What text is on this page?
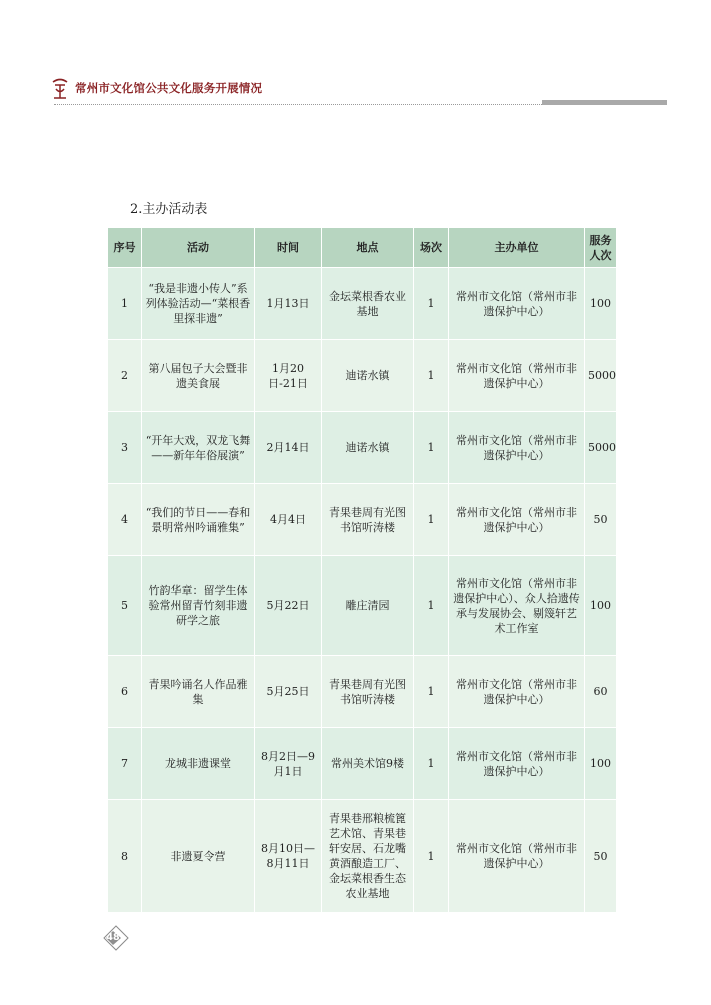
常州市文化馆公共文化服务开展情况
2.主办活动表
序号	活动	时间	地点	场次	主办单位	服务人次
1	“我是非遗小传人”系列体验活动—“菜根香里探非遗”	1月13日	金坛菜根香农业基地	1	常州市文化馆（常州市非遗保护中心）	100
2	第八届包子大会暨非遗美食展	1月20日-21日	迪诺水镇	1	常州市文化馆（常州市非遗保护中心）	5000
3	“开年大戏，双龙飞舞——新年年俗展演”	2月14日	迪诺水镇	1	常州市文化馆（常州市非遗保护中心）	5000
4	“我们的节日——春和景明常州吟诵雅集”	4月4日	青果巷周有光图书馆听涛楼	1	常州市文化馆（常州市非遗保护中心）	50
5	竹韵华章：留学生体验常州留青竹刻非遗研学之旅	5月22日	雕庄清园	1	常州市文化馆（常州市非遗保护中心）、众人拾遗传承与发展协会、剔篾轩艺术工作室	100
6	青果吟诵名人作品雅集	5月25日	青果巷周有光图书馆听涛楼	1	常州市文化馆（常州市非遗保护中心）	60
7	龙城非遗课堂	8月2日—9月1日	常州美术馆9楼	1	常州市文化馆（常州市非遗保护中心）	100
8	非遗夏令营	8月10日—8月11日	青果巷邢粮梳篦艺术馆、青果巷轩安居、石龙嘴黄酒酿造工厂、金坛菜根香生态农业基地	1	常州市文化馆（常州市非遗保护中心）	50
48
